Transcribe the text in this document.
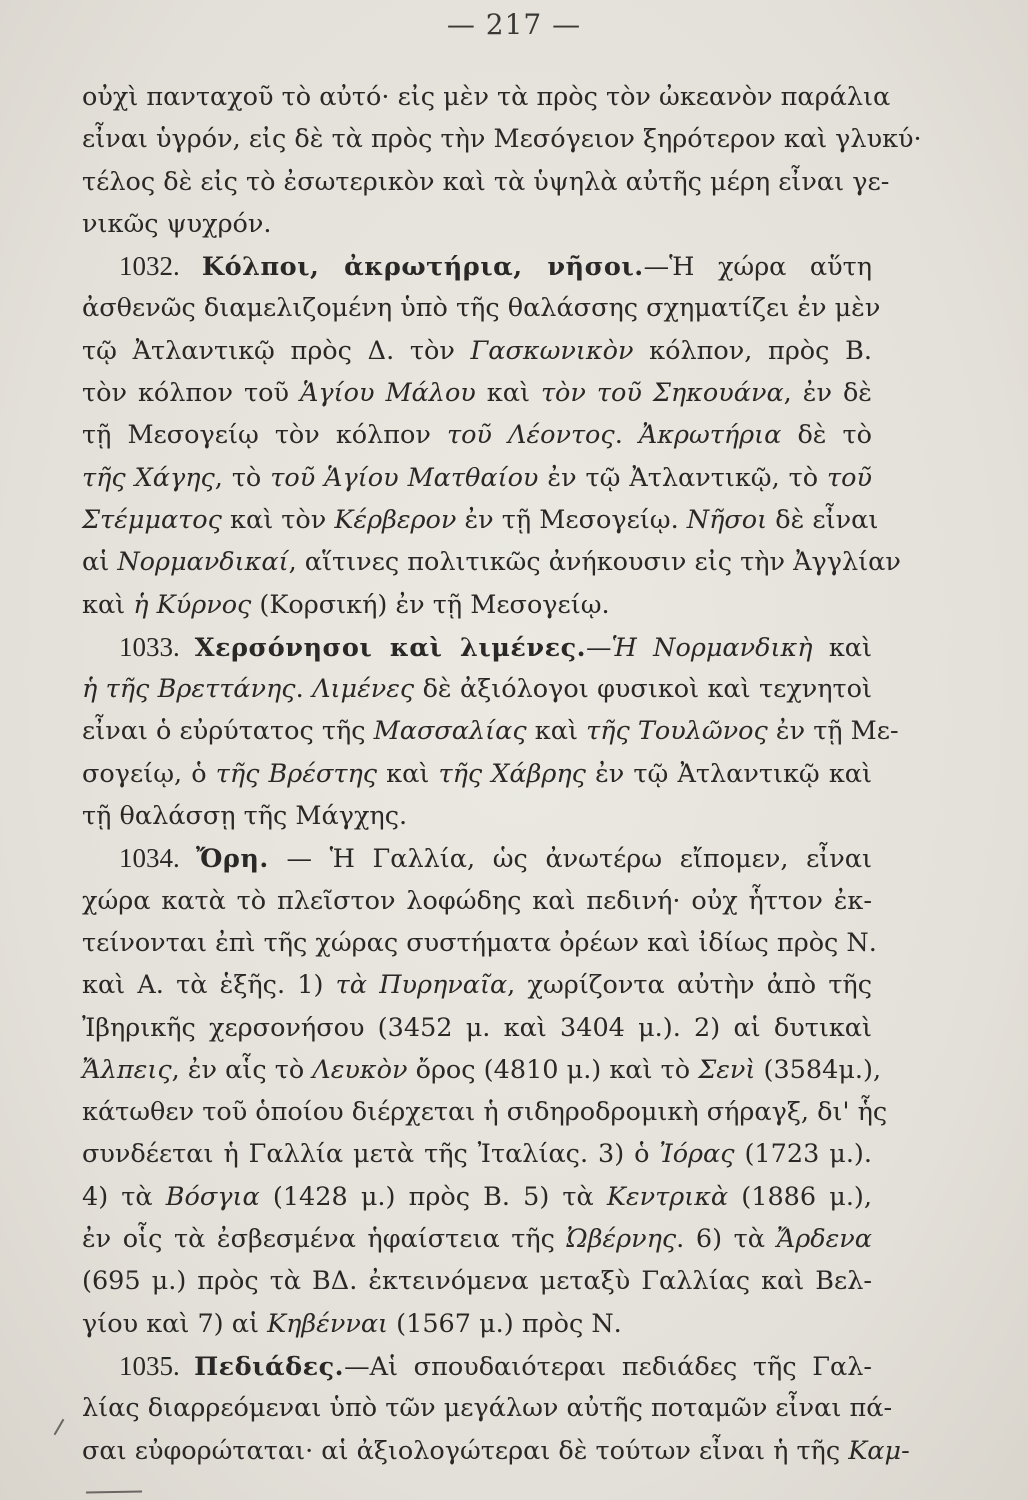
— 217 —
οὐχὶ πανταχοῦ τὸ αὐτό· εἰς μὲν τὰ πρὸς τὸν ὠκεανὸν παράλια
εἶναι ὑγρόν, εἰς δὲ τὰ πρὸς τὴν Μεσόγειον ξηρότερον καὶ γλυκύ·
τέλος δὲ εἰς τὸ ἐσωτερικὸν καὶ τὰ ὑψηλὰ αὐτῆς μέρη εἶναι γε-
νικῶς ψυχρόν.
1032. Κόλποι, ἀκρωτήρια, νῆσοι.—Ἡ χώρα αὕτη
ἀσθενῶς διαμελιζομένη ὑπὸ τῆς θαλάσσης σχηματίζει ἐν μὲν
τῷ Ἀτλαντικῷ πρὸς Δ. τὸν Γασκωνικὸν κόλπον, πρὸς Β.
τὸν κόλπον τοῦ Ἁγίου Μάλου καὶ τὸν τοῦ Σηκουάνα, ἐν δὲ
τῇ Μεσογείῳ τὸν κόλπον τοῦ Λέοντος. Ἀκρωτήρια δὲ τὸ
τῆς Χάγης, τὸ τοῦ Ἁγίου Ματθαίου ἐν τῷ Ἀτλαντικῷ, τὸ τοῦ
Στέμματος καὶ τὸν Κέρβερον ἐν τῇ Μεσογείῳ. Νῆσοι δὲ εἶναι
αἱ Νορμανδικαί, αἵτινες πολιτικῶς ἀνήκουσιν εἰς τὴν Ἀγγλίαν
καὶ ἡ Κύρνος (Κορσική) ἐν τῇ Μεσογείῳ.
1033. Χερσόνησοι καὶ λιμένες.—Ἡ Νορμανδικὴ καὶ
ἡ τῆς Βρεττάνης. Λιμένες δὲ ἀξιόλογοι φυσικοὶ καὶ τεχνητοὶ
εἶναι ὁ εὐρύτατος τῆς Μασσαλίας καὶ τῆς Τουλῶνος ἐν τῇ Με-
σογείῳ, ὁ τῆς Βρέστης καὶ τῆς Χάβρης ἐν τῷ Ἀτλαντικῷ καὶ
τῇ θαλάσσῃ τῆς Μάγχης.
1034. Ὄρη. — Ἡ Γαλλία, ὡς ἀνωτέρω εἴπομεν, εἶναι
χώρα κατὰ τὸ πλεῖστον λοφώδης καὶ πεδινή· οὐχ ἧττον ἐκ-
τείνονται ἐπὶ τῆς χώρας συστήματα ὀρέων καὶ ἰδίως πρὸς Ν.
καὶ Α. τὰ ἑξῆς. 1) τὰ Πυρηναῖα, χωρίζοντα αὐτὴν ἀπὸ τῆς
Ἰβηρικῆς χερσονήσου (3452 μ. καὶ 3404 μ.). 2) αἱ δυτικαὶ
Ἄλπεις, ἐν αἷς τὸ Λευκὸν ὄρος (4810 μ.) καὶ τὸ Σενὶ (3584μ.),
κάτωθεν τοῦ ὁποίου διέρχεται ἡ σιδηροδρομικὴ σήραγξ, δι' ἧς
συνδέεται ἡ Γαλλία μετὰ τῆς Ἰταλίας. 3) ὁ Ἰόρας (1723 μ.).
4) τὰ Βόσγια (1428 μ.) πρὸς Β. 5) τὰ Κεντρικὰ (1886 μ.),
ἐν οἷς τὰ ἐσβεσμένα ἡφαίστεια τῆς Ὠβέρνης. 6) τὰ Ἄρδενα
(695 μ.) πρὸς τὰ ΒΔ. ἐκτεινόμενα μεταξὺ Γαλλίας καὶ Βελ-
γίου καὶ 7) αἱ Κηβένναι (1567 μ.) πρὸς Ν.
1035. Πεδιάδες.—Αἱ σπουδαιότεραι πεδιάδες τῆς Γαλ-
λίας διαρρεόμεναι ὑπὸ τῶν μεγάλων αὐτῆς ποταμῶν εἶναι πά-
σαι εὐφορώταται· αἱ ἀξιολογώτεραι δὲ τούτων εἶναι ἡ τῆς Καμ-
